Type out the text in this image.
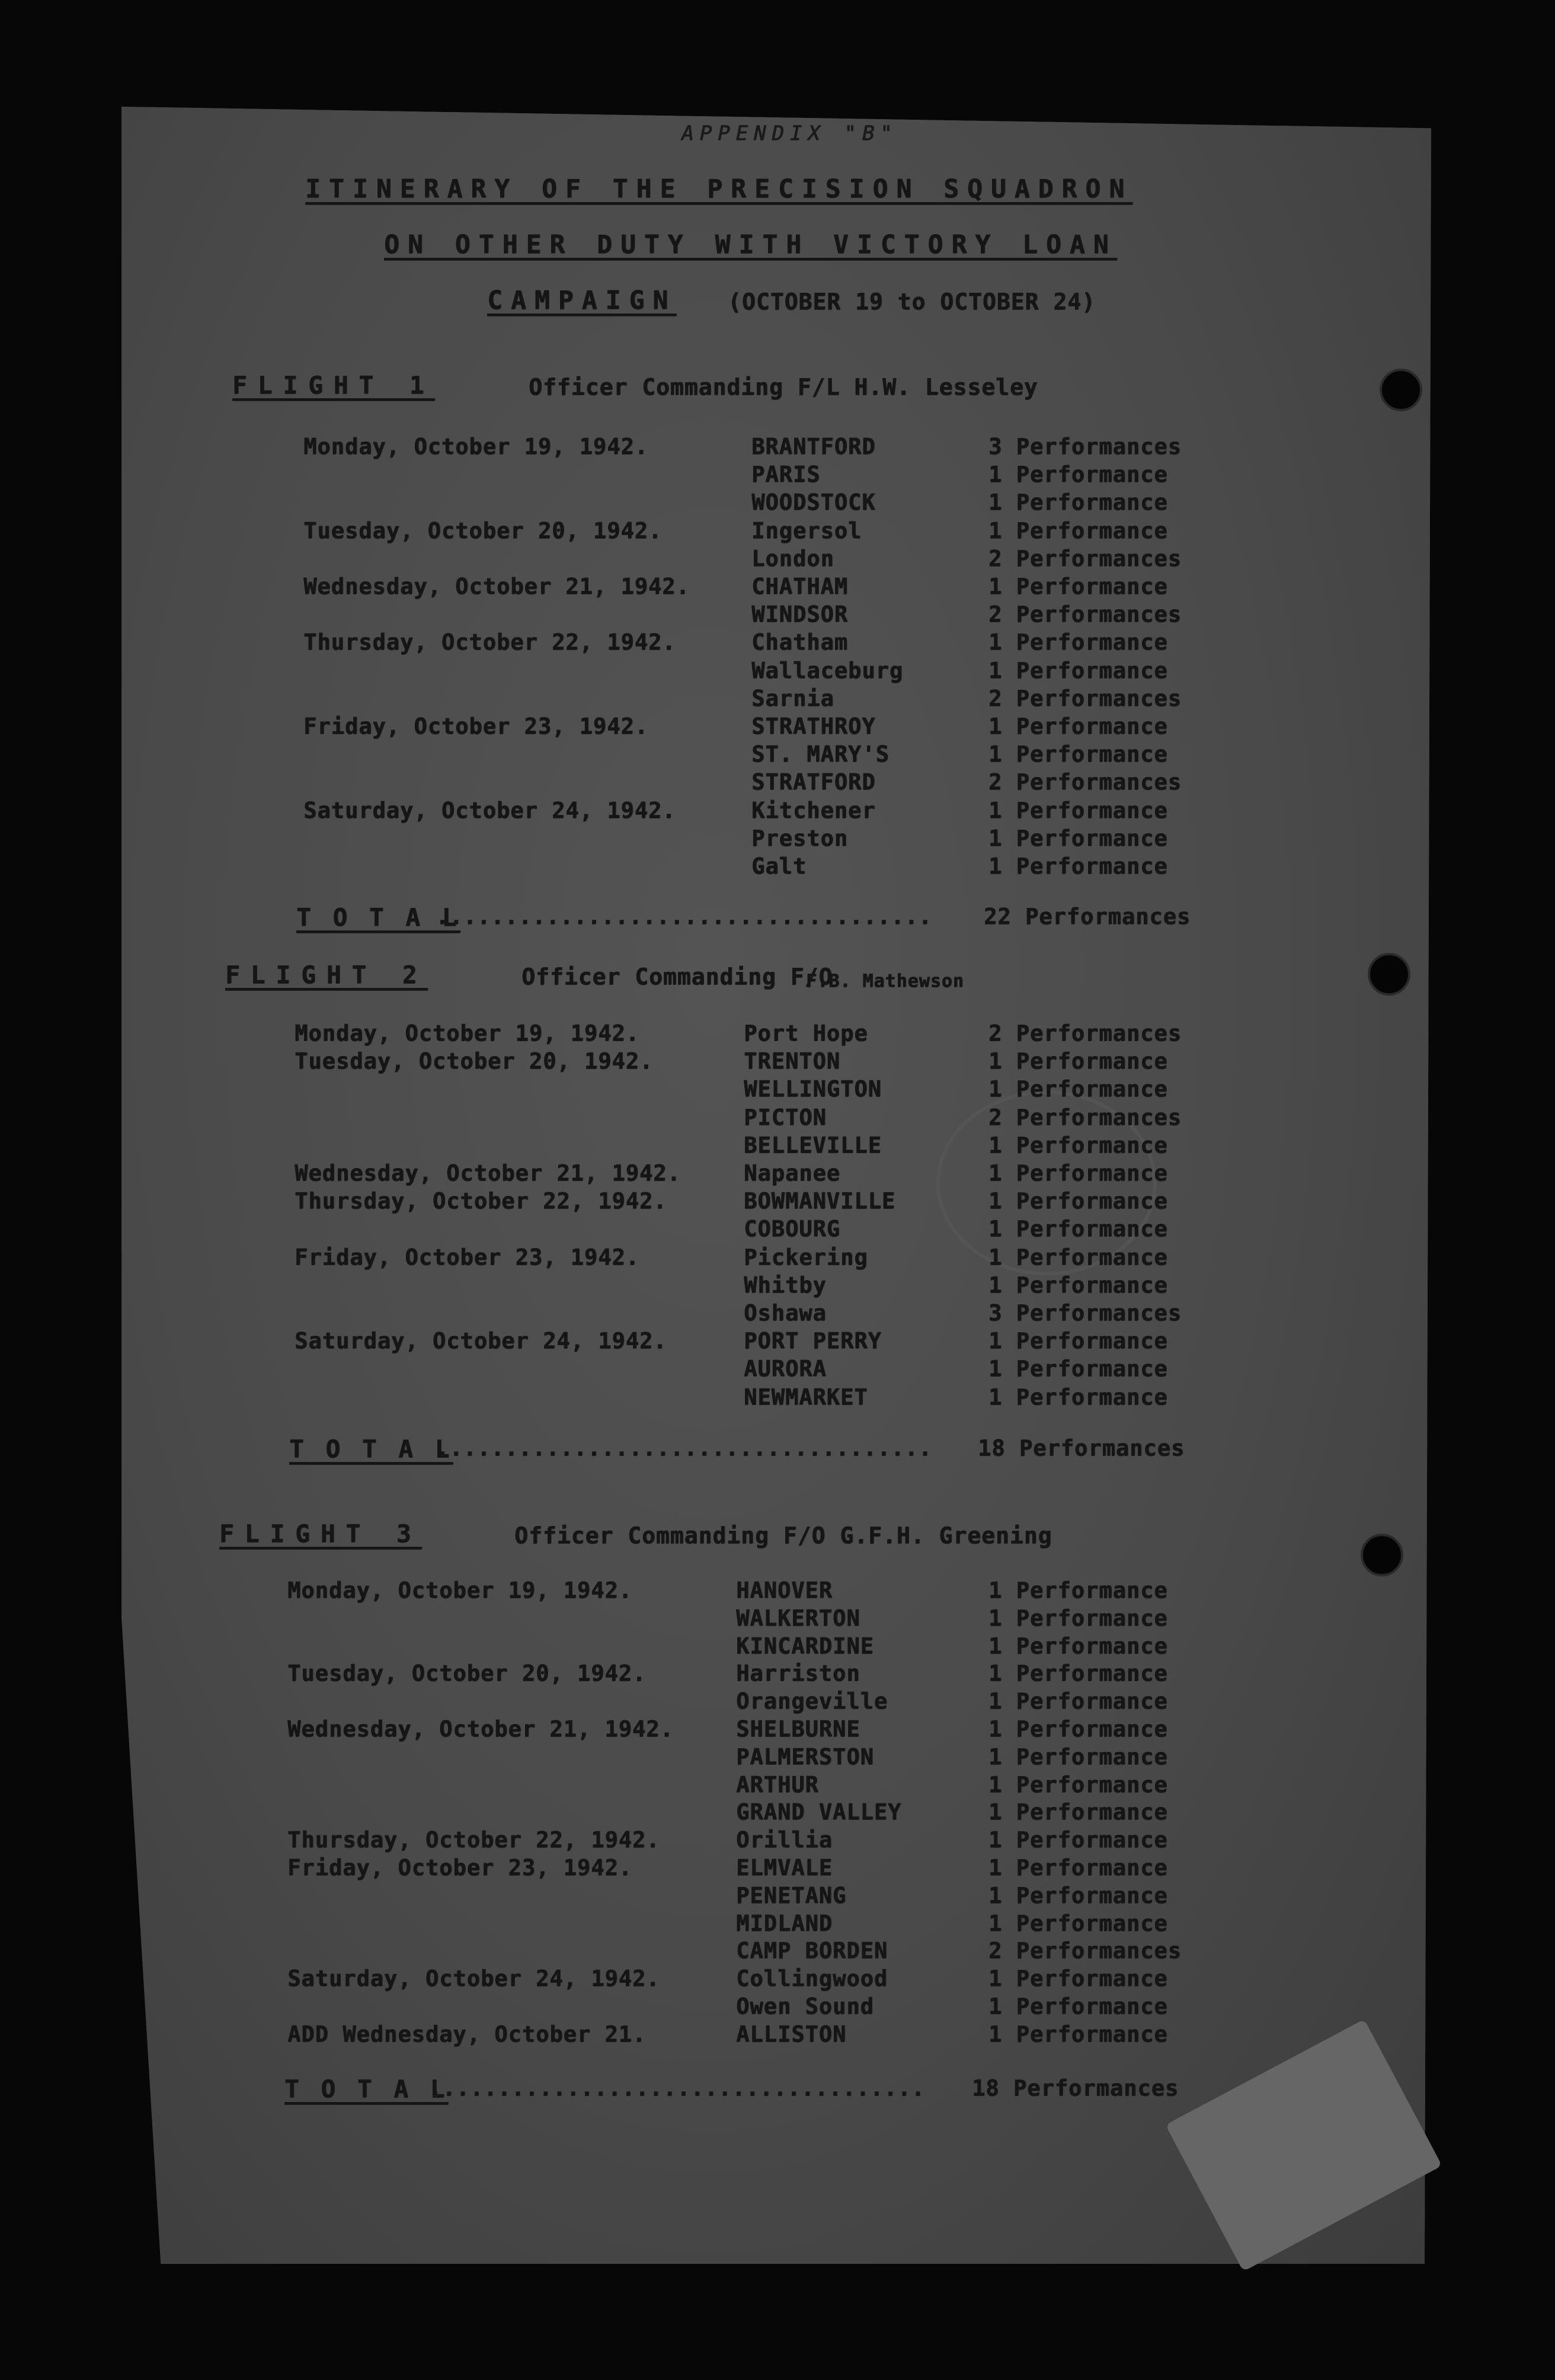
APPENDIX "B"
ITINERARY OF THE PRECISION SQUADRON
ON OTHER DUTY WITH VICTORY LOAN
CAMPAIGN (OCTOBER 19 to OCTOBER 24)
FLIGHT 1	Officer Commanding F/L H.W. Lesseley
Monday, October 19, 1942.	BRANTFORD	3 Performances
PARIS	1 Performance
WOODSTOCK	1 Performance
Tuesday, October 20, 1942.	Ingersol	1 Performance
London	2 Performances
Wednesday, October 21, 1942.	CHATHAM	1 Performance
WINDSOR	2 Performances
Thursday, October 22, 1942.	Chatham	1 Performance
Wallaceburg	1 Performance
Sarnia	2 Performances
Friday, October 23, 1942.	STRATHROY	1 Performance
ST. MARY'S	1 Performance
STRATFORD	2 Performances
Saturday, October 24, 1942.	Kitchener	1 Performance
Preston	1 Performance
Galt	1 Performance
T O T A L
.................................... 22 Performances
FLIGHT 2	Officer Commanding F/O
F.B. Mathewson
Monday, October 19, 1942.	Port Hope	2 Performances
Tuesday, October 20, 1942.	TRENTON	1 Performance
WELLINGTON	1 Performance
PICTON	2 Performances
BELLEVILLE	1 Performance
Wednesday, October 21, 1942.	Napanee	1 Performance
Thursday, October 22, 1942.	BOWMANVILLE	1 Performance
COBOURG	1 Performance
Friday, October 23, 1942.	Pickering	1 Performance
Whitby	1 Performance
Oshawa	3 Performances
Saturday, October 24, 1942.	PORT PERRY	1 Performance
AURORA	1 Performance
NEWMARKET	1 Performance
T O T A L
.................................... 18 Performances
FLIGHT 3	Officer Commanding F/O G.F.H. Greening
Monday, October 19, 1942.	HANOVER	1 Performance
WALKERTON	1 Performance
KINCARDINE	1 Performance
Tuesday, October 20, 1942.	Harriston	1 Performance
Orangeville	1 Performance
Wednesday, October 21, 1942.	SHELBURNE	1 Performance
PALMERSTON	1 Performance
ARTHUR	1 Performance
GRAND VALLEY	1 Performance
Thursday, October 22, 1942.	Orillia	1 Performance
Friday, October 23, 1942.	ELMVALE	1 Performance
PENETANG	1 Performance
MIDLAND	1 Performance
CAMP BORDEN	2 Performances
Saturday, October 24, 1942.	Collingwood	1 Performance
Owen Sound	1 Performance
ADD Wednesday, October 21.	ALLISTON	1 Performance
T O T A L
.................................... 18 Performances
